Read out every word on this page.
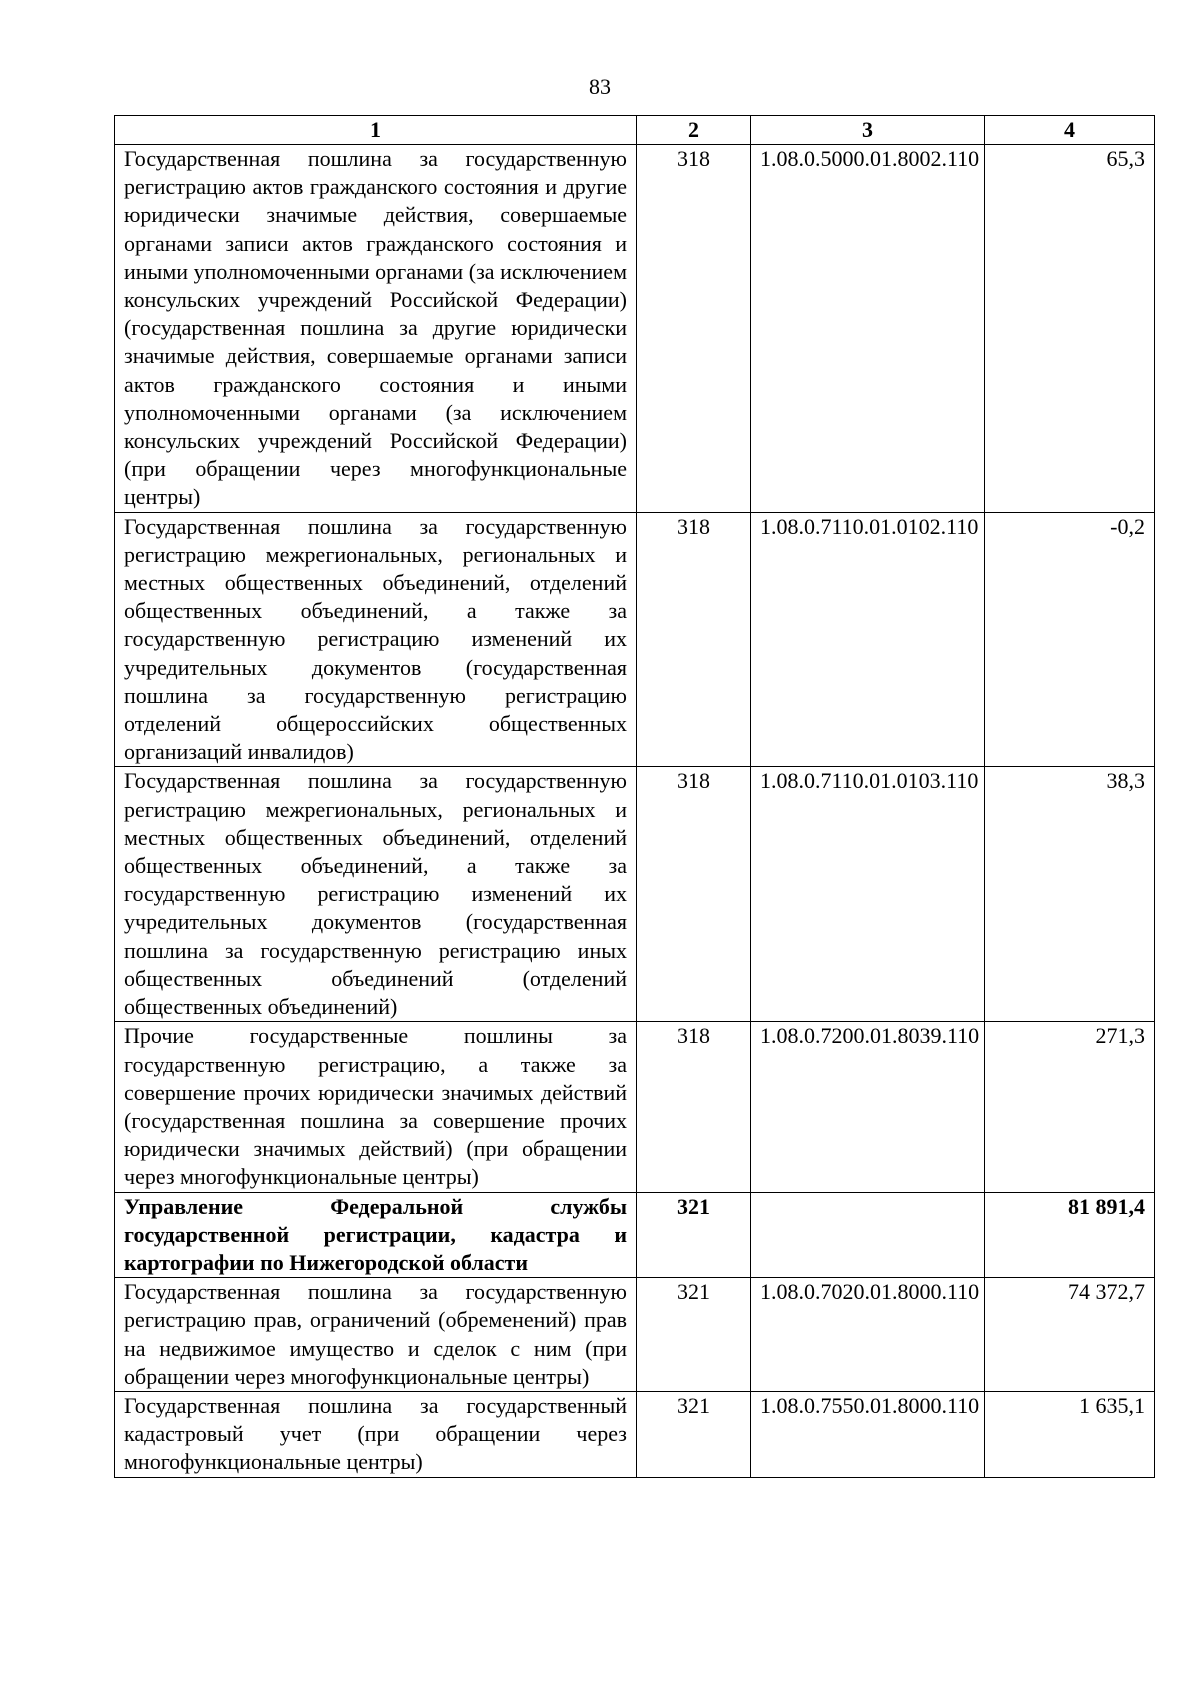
83
1	2	3	4
Государственная пошлина за государственную регистрацию актов гражданского состояния и другие юридически значимые действия, совершаемые органами записи актов гражданского состояния и иными уполномоченными органами (за исключением консульских учреждений Российской Федерации) (государственная пошлина за другие юридически значимые действия, совершаемые органами записи актов гражданского состояния и иными уполномоченными органами (за исключением консульских учреждений Российской Федерации) (при обращении через многофункциональные центры)	318	1.08.0.5000.01.8002.110	65,3
Государственная пошлина за государственную регистрацию межрегиональных, региональных и местных общественных объединений, отделений общественных объединений, а также за государственную регистрацию изменений их учредительных документов (государственная пошлина за государственную регистрацию отделений общероссийских общественных организаций инвалидов)	318	1.08.0.7110.01.0102.110	-0,2
Государственная пошлина за государственную регистрацию межрегиональных, региональных и местных общественных объединений, отделений общественных объединений, а также за государственную регистрацию изменений их учредительных документов (государственная пошлина за государственную регистрацию иных общественных объединений (отделений общественных объединений)	318	1.08.0.7110.01.0103.110	38,3
Прочие государственные пошлины за государственную регистрацию, а также за совершение прочих юридически значимых действий (государственная пошлина за совершение прочих юридически значимых действий) (при обращении через многофункциональные центры)	318	1.08.0.7200.01.8039.110	271,3
Управление Федеральной службы государственной регистрации, кадастра и картографии по Нижегородской области	321		81 891,4
Государственная пошлина за государственную регистрацию прав, ограничений (обременений) прав на недвижимое имущество и сделок с ним (при обращении через многофункциональные центры)	321	1.08.0.7020.01.8000.110	74 372,7
Государственная пошлина за государственный кадастровый учет (при обращении через многофункциональные центры)	321	1.08.0.7550.01.8000.110	1 635,1
